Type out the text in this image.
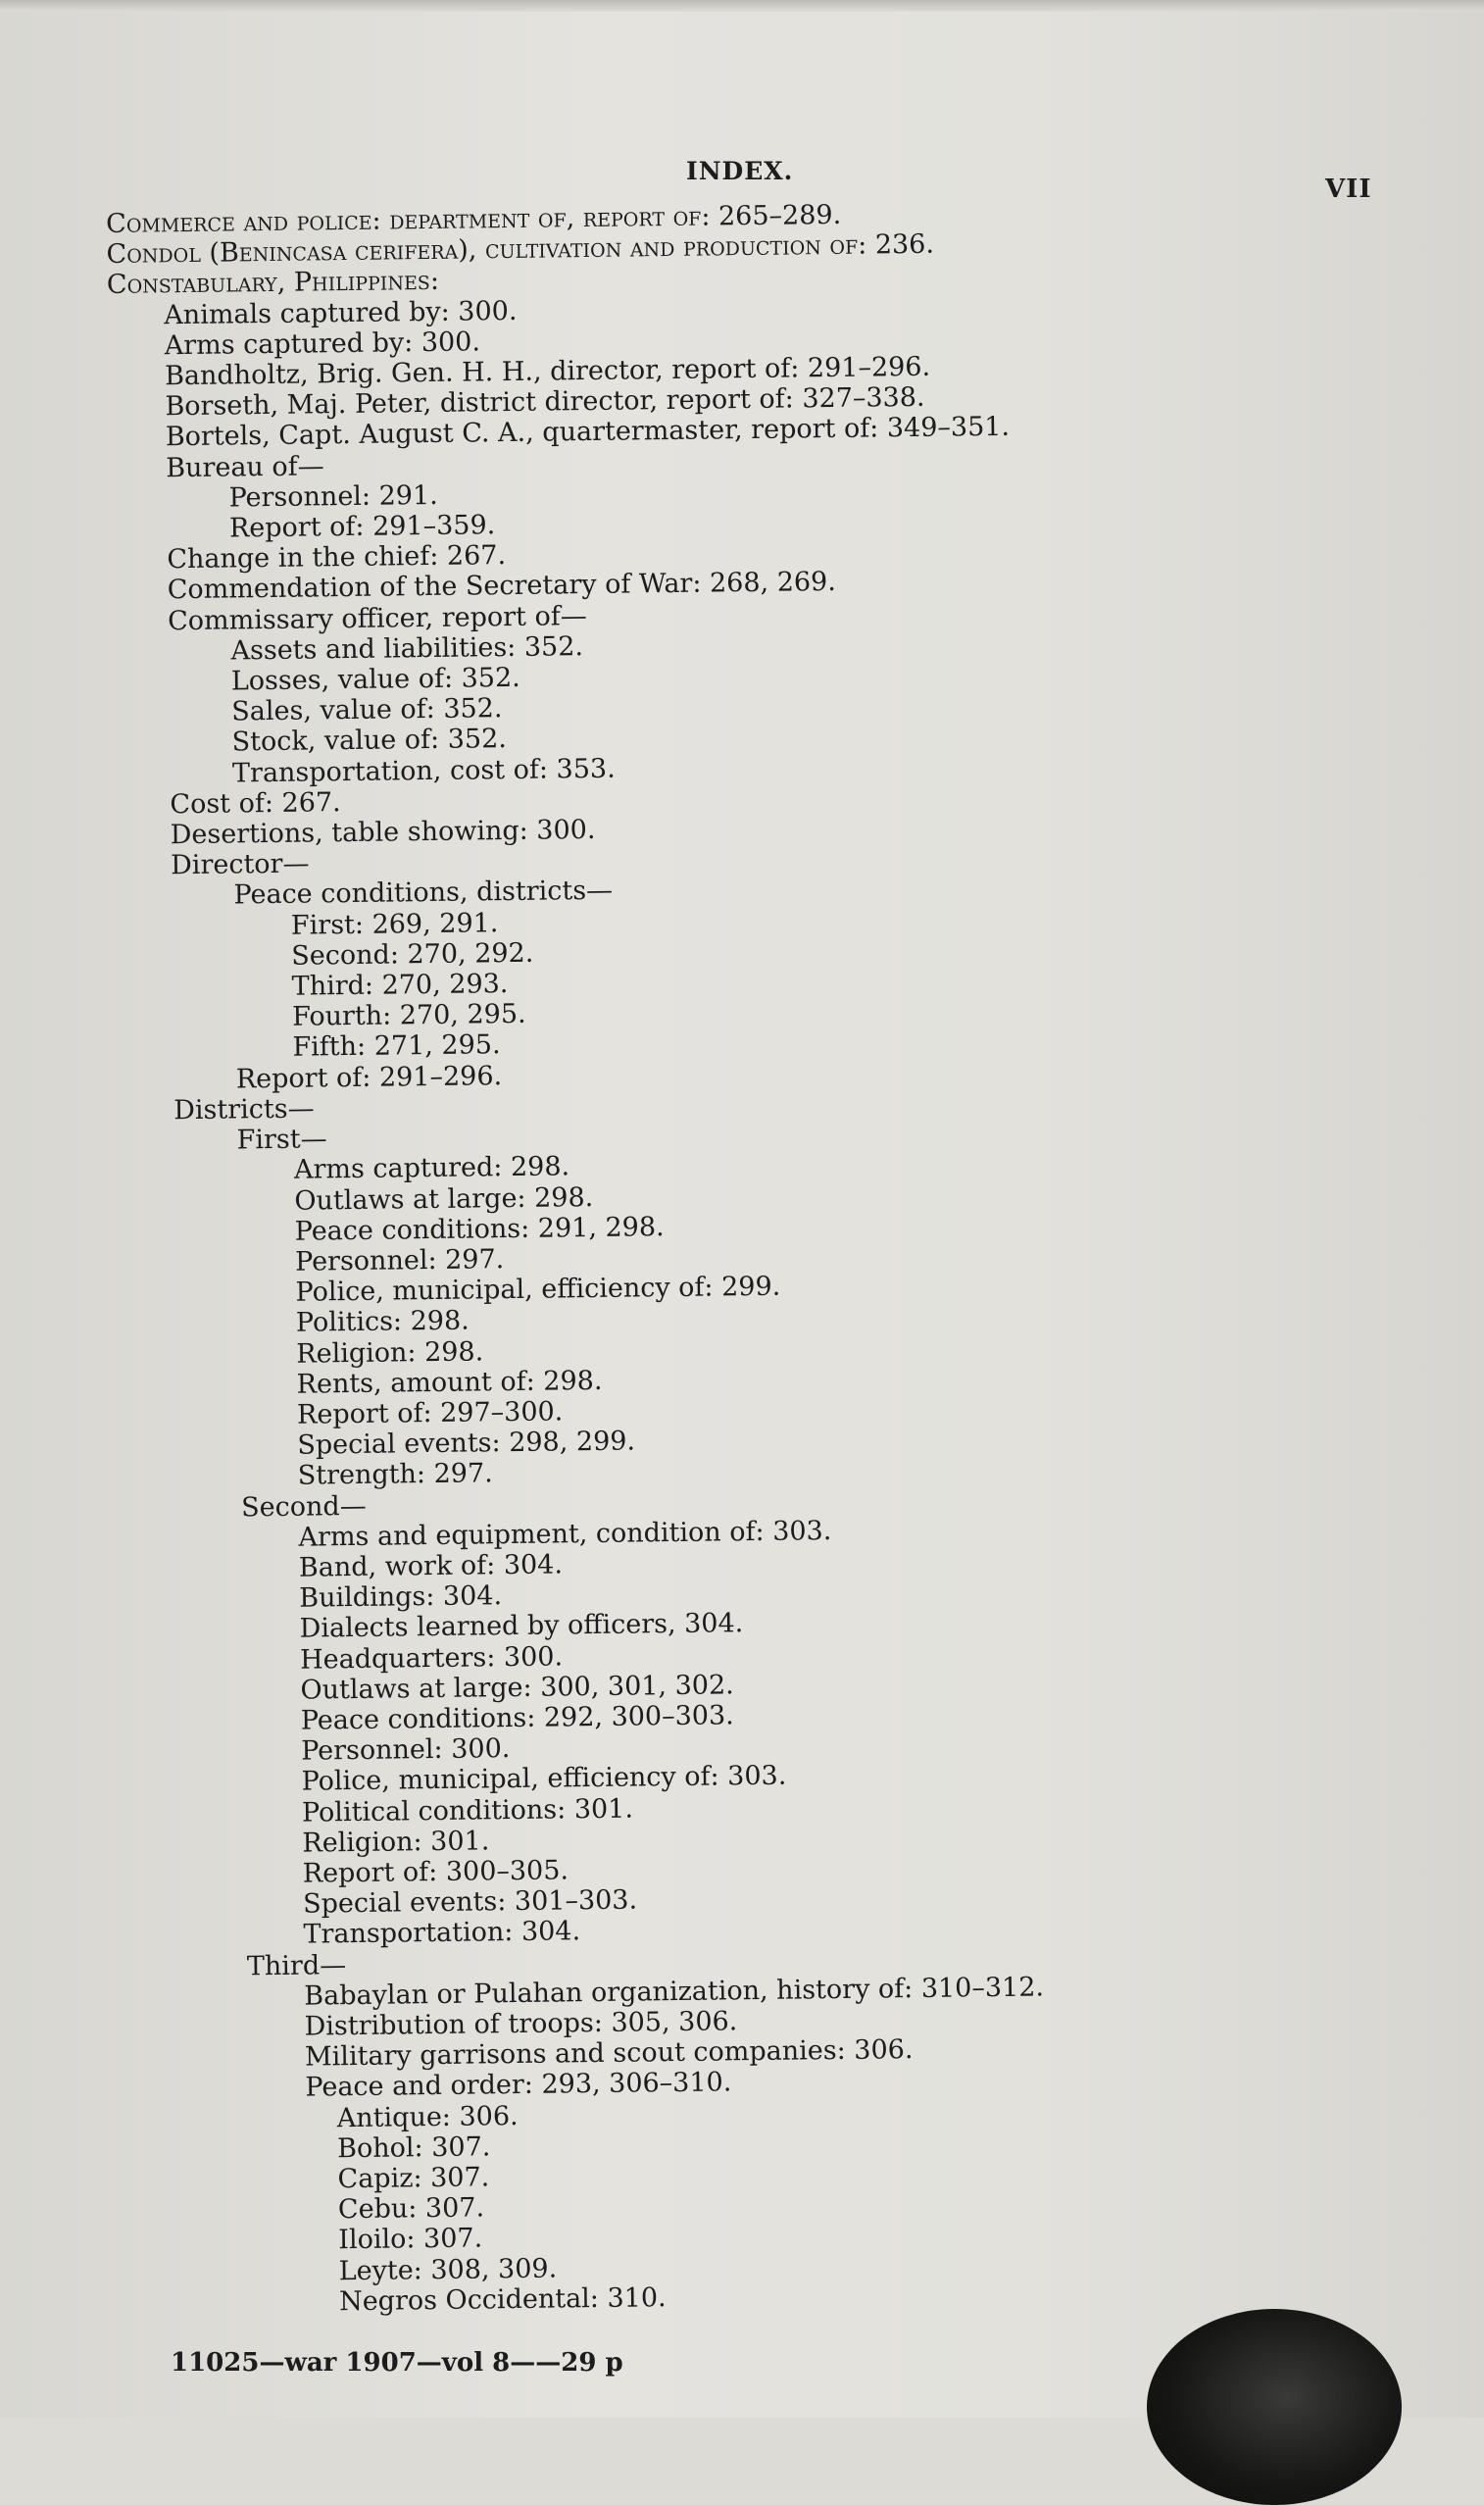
INDEX.
VII
Commerce and police: department of, report of: 265–289.
Condol (Benincasa cerifera), cultivation and production of: 236.
Constabulary, Philippines:
Animals captured by: 300.
Arms captured by: 300.
Bandholtz, Brig. Gen. H. H., director, report of: 291–296.
Borseth, Maj. Peter, district director, report of: 327–338.
Bortels, Capt. August C. A., quartermaster, report of: 349–351.
Bureau of—
Personnel: 291.
Report of: 291–359.
Change in the chief: 267.
Commendation of the Secretary of War: 268, 269.
Commissary officer, report of—
Assets and liabilities: 352.
Losses, value of: 352.
Sales, value of: 352.
Stock, value of: 352.
Transportation, cost of: 353.
Cost of: 267.
Desertions, table showing: 300.
Director—
Peace conditions, districts—
First: 269, 291.
Second: 270, 292.
Third: 270, 293.
Fourth: 270, 295.
Fifth: 271, 295.
Report of: 291–296.
Districts—
First—
Arms captured: 298.
Outlaws at large: 298.
Peace conditions: 291, 298.
Personnel: 297.
Police, municipal, efficiency of: 299.
Politics: 298.
Religion: 298.
Rents, amount of: 298.
Report of: 297–300.
Special events: 298, 299.
Strength: 297.
Second—
Arms and equipment, condition of: 303.
Band, work of: 304.
Buildings: 304.
Dialects learned by officers, 304.
Headquarters: 300.
Outlaws at large: 300, 301, 302.
Peace conditions: 292, 300–303.
Personnel: 300.
Police, municipal, efficiency of: 303.
Political conditions: 301.
Religion: 301.
Report of: 300–305.
Special events: 301–303.
Transportation: 304.
Third—
Babaylan or Pulahan organization, history of: 310–312.
Distribution of troops: 305, 306.
Military garrisons and scout companies: 306.
Peace and order: 293, 306–310.
Antique: 306.
Bohol: 307.
Capiz: 307.
Cebu: 307.
Iloilo: 307.
Leyte: 308, 309.
Negros Occidental: 310.
11025—war 1907—vol 8——29 p
